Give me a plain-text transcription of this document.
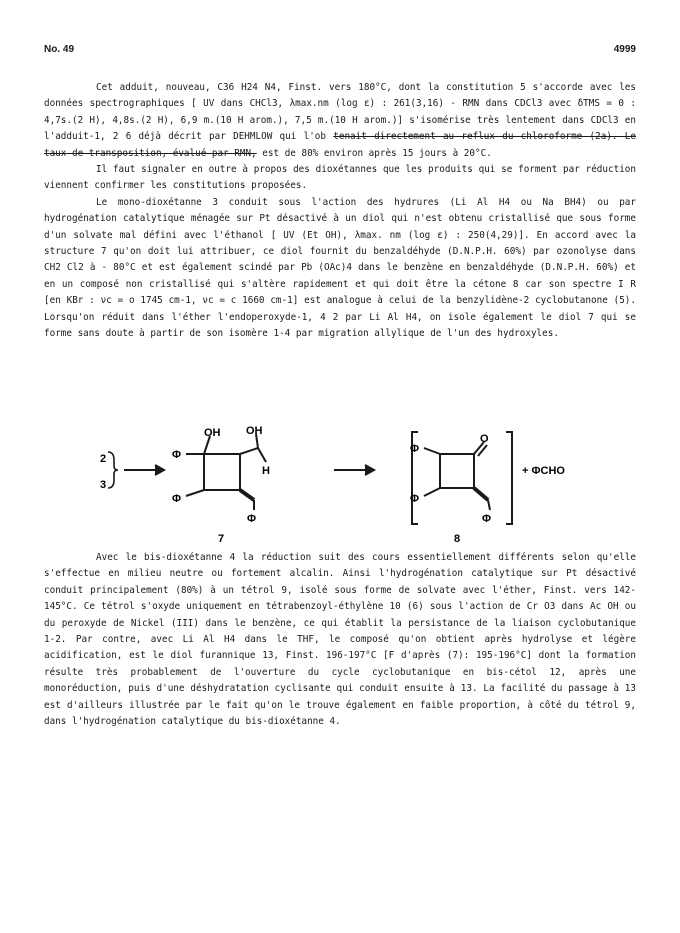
No. 49	4999

Cet adduit, nouveau, C36 H24 N4, Finst. vers 180°C, dont la constitution 5 s'accorde avec les données spectrographiques [ UV dans CHCl3, λmax.nm (log ε) : 261(3,16) - RMN dans CDCl3 avec δTMS = 0 : 4,7s.(2 H), 4,8s.(2 H), 6,9 m.(10 H arom.), 7,5 m.(10 H arom.)] s'isomérise très lentement dans CDCl3 en l'adduit-1, 2 6 déjà décrit par DEHMLOW qui l'ob tenait directement au reflux du chloroforme (2a). Le taux de transposition, évalué par RMN, est de 80% environ après 15 jours à 20°C.

Il faut signaler en outre à propos des dioxétannes que les produits qui se forment par réduction viennent confirmer les constitutions proposées.

Le mono-dioxétanne 3 conduit sous l'action des hydrures (Li Al H4 ou Na BH4) ou par hydrogénation catalytique ménagée sur Pt désactivé à un diol qui n'est obtenu cristallisé que sous forme d'un solvate mal défini avec l'éthanol [ UV (Et OH), λmax. nm (log ε) : 250(4,29)]. En accord avec la structure 7 qu'on doit lui attribuer, ce diol fournit du benzaldéhyde (D.N.P.H. 60%) par ozonolyse dans CH2 Cl2 à - 80°C et est également scindé par Pb (OAc)4 dans le benzène en benzaldéhyde (D.N.P.H. 60%) et en un composé non cristallisé qui s'altère rapidement et qui doit être la cétone 8 car son spectre I R [en KBr : νc = o 1745 cm-1, νc = c 1660 cm-1] est analogue à celui de la benzylidène-2 cyclobutanone (5). Lorsqu'on réduit dans l'éther l'endoperoxyde-1, 4 2 par Li Al H4, on isole également le diol 7 qui se forme sans doute à partir de son isomère 1-4 par migration allylique de l'un des hydroxyles.

2
3
OH OH
H
Φ
Φ
Φ
7
O
Φ
Φ
Φ
8
+ ΦCHO

Avec le bis-dioxétanne 4 la réduction suit des cours essentiellement différents selon qu'elle s'effectue en milieu neutre ou fortement alcalin. Ainsi l'hydrogénation catalytique sur Pt désactivé conduit principalement (80%) à un tétrol 9, isolé sous forme de solvate avec l'éther, Finst. vers 142-145°C. Ce tétrol s'oxyde uniquement en tétrabenzoyl-éthylène 10 (6) sous l'action de Cr O3 dans Ac OH ou du peroxyde de Nickel (III) dans le benzène, ce qui établit la persistance de la liaison cyclobutanique 1-2. Par contre, avec Li Al H4 dans le THF, le composé qu'on obtient après hydrolyse et légère acidification, est le diol furannique 13, Finst. 196-197°C [F d'après (7): 195-196°C] dont la formation résulte très probablement de l'ouverture du cycle cyclobutanique en bis-cétol 12, après une monoréduction, puis d'une déshydratation cyclisante qui conduit ensuite à 13. La facilité du passage à 13 est d'ailleurs illustrée par le fait qu'on le trouve également en faible proportion, à côté du tétrol 9, dans l'hydrogénation catalytique du bis-dioxétanne 4.
